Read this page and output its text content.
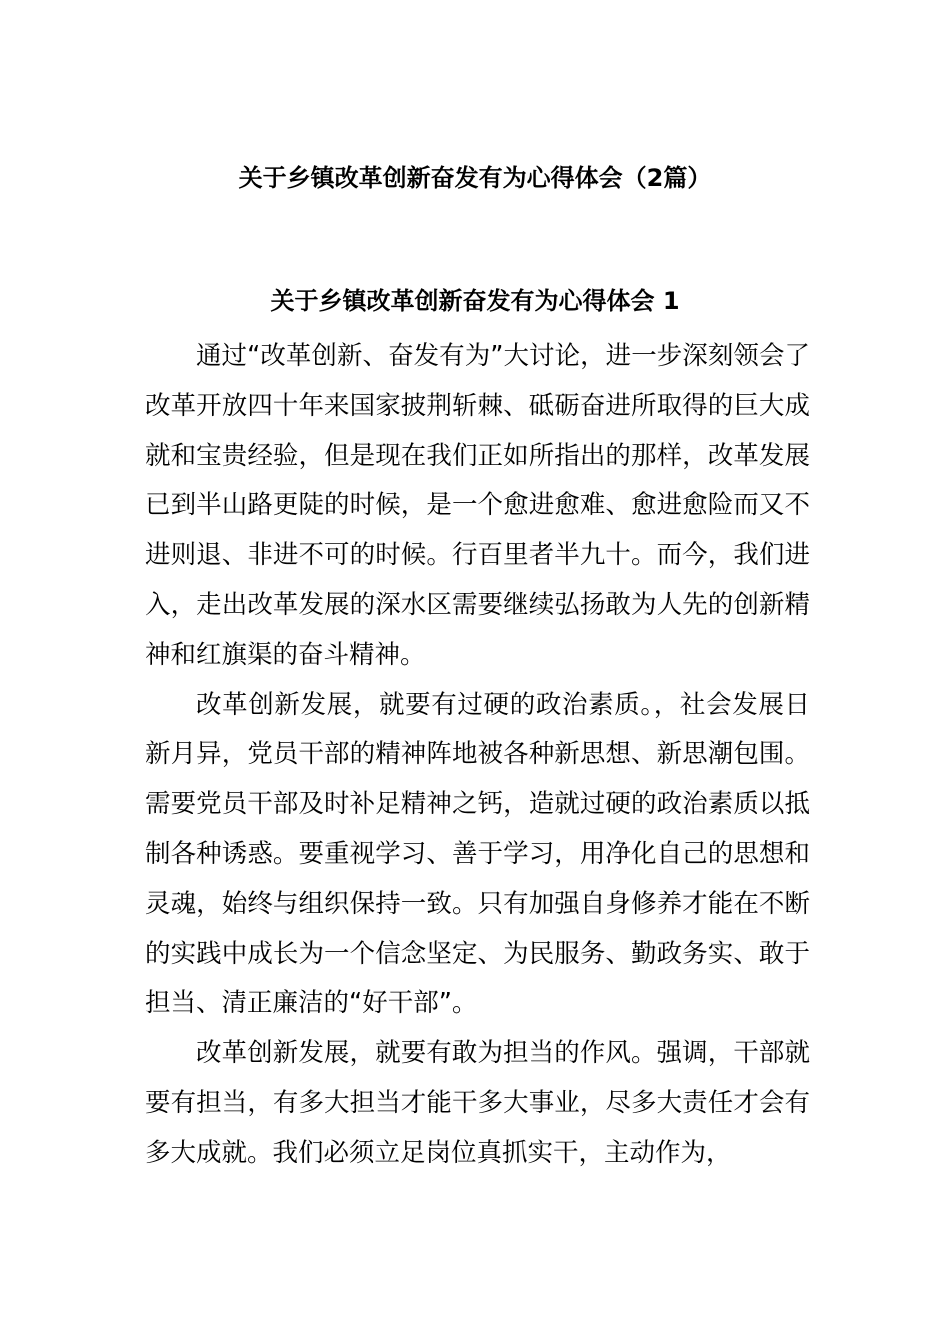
关于乡镇改革创新奋发有为心得体会（2篇）
关于乡镇改革创新奋发有为心得体会 1

通过“改革创新、奋发有为”大讨论，进一步深刻领会了改革开放四十年来国家披荆斩棘、砥砺奋进所取得的巨大成就和宝贵经验，但是现在我们正如所指出的那样，改革发展已到半山路更陡的时候，是一个愈进愈难、愈进愈险而又不进则退、非进不可的时候。行百里者半九十。而今，我们进入，走出改革发展的深水区需要继续弘扬敢为人先的创新精神和红旗渠的奋斗精神。

改革创新发展，就要有过硬的政治素质。，社会发展日新月异，党员干部的精神阵地被各种新思想、新思潮包围。需要党员干部及时补足精神之钙，造就过硬的政治素质以抵制各种诱惑。要重视学习、善于学习，用净化自己的思想和灵魂，始终与组织保持一致。只有加强自身修养才能在不断的实践中成长为一个信念坚定、为民服务、勤政务实、敢于担当、清正廉洁的“好干部”。

改革创新发展，就要有敢为担当的作风。强调，干部就要有担当，有多大担当才能干多大事业，尽多大责任才会有多大成就。我们必须立足岗位真抓实干，主动作为，
